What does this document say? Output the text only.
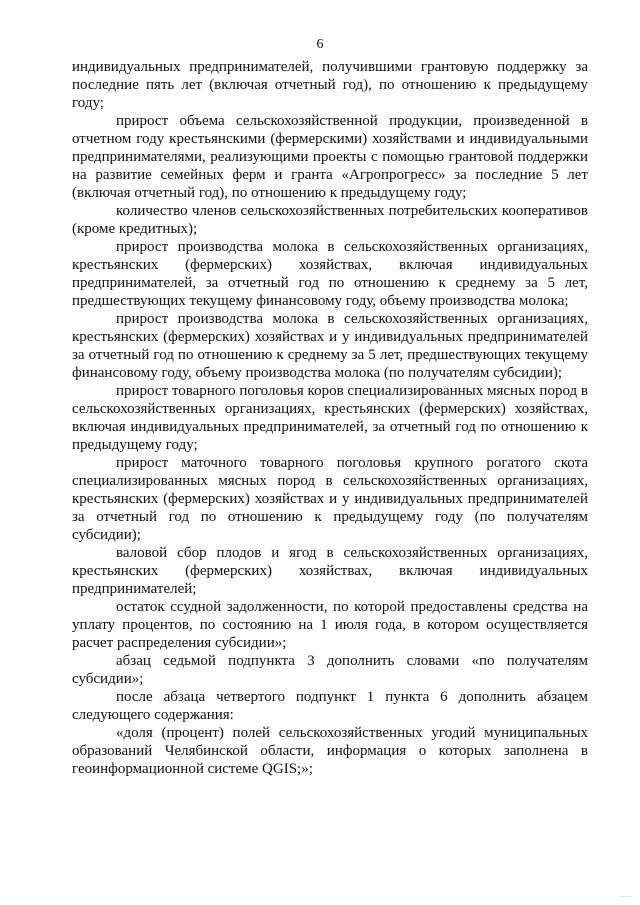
6

индивидуальных предпринимателей, получившими грантовую поддержку за последние пять лет (включая отчетный год), по отношению к предыдущему году;

прирост объема сельскохозяйственной продукции, произведенной в отчетном году крестьянскими (фермерскими) хозяйствами и индивидуальными предпринимателями, реализующими проекты с помощью грантовой поддержки на развитие семейных ферм и гранта «Агропрогресс» за последние 5 лет (включая отчетный год), по отношению к предыдущему году;

количество членов сельскохозяйственных потребительских кооперативов (кроме кредитных);

прирост производства молока в сельскохозяйственных организациях, крестьянских (фермерских) хозяйствах, включая индивидуальных предпринимателей, за отчетный год по отношению к среднему за 5 лет, предшествующих текущему финансовому году, объему производства молока;

прирост производства молока в сельскохозяйственных организациях, крестьянских (фермерских) хозяйствах и у индивидуальных предпринимателей за отчетный год по отношению к среднему за 5 лет, предшествующих текущему финансовому году, объему производства молока (по получателям субсидии);

прирост товарного поголовья коров специализированных мясных пород в сельскохозяйственных организациях, крестьянских (фермерских) хозяйствах, включая индивидуальных предпринимателей, за отчетный год по отношению к предыдущему году;

прирост маточного товарного поголовья крупного рогатого скота специализированных мясных пород в сельскохозяйственных организациях, крестьянских (фермерских) хозяйствах и у индивидуальных предпринимателей за отчетный год по отношению к предыдущему году (по получателям субсидии);

валовой сбор плодов и ягод в сельскохозяйственных организациях, крестьянских (фермерских) хозяйствах, включая индивидуальных предпринимателей;

остаток ссудной задолженности, по которой предоставлены средства на уплату процентов, по состоянию на 1 июля года, в котором осуществляется расчет распределения субсидии»;

абзац седьмой подпункта 3 дополнить словами «по получателям субсидии»;

после абзаца четвертого подпункт 1 пункта 6 дополнить абзацем следующего содержания:

«доля (процент) полей сельскохозяйственных угодий муниципальных образований Челябинской области, информация о которых заполнена в геоинформационной системе QGIS;»;

~~~
